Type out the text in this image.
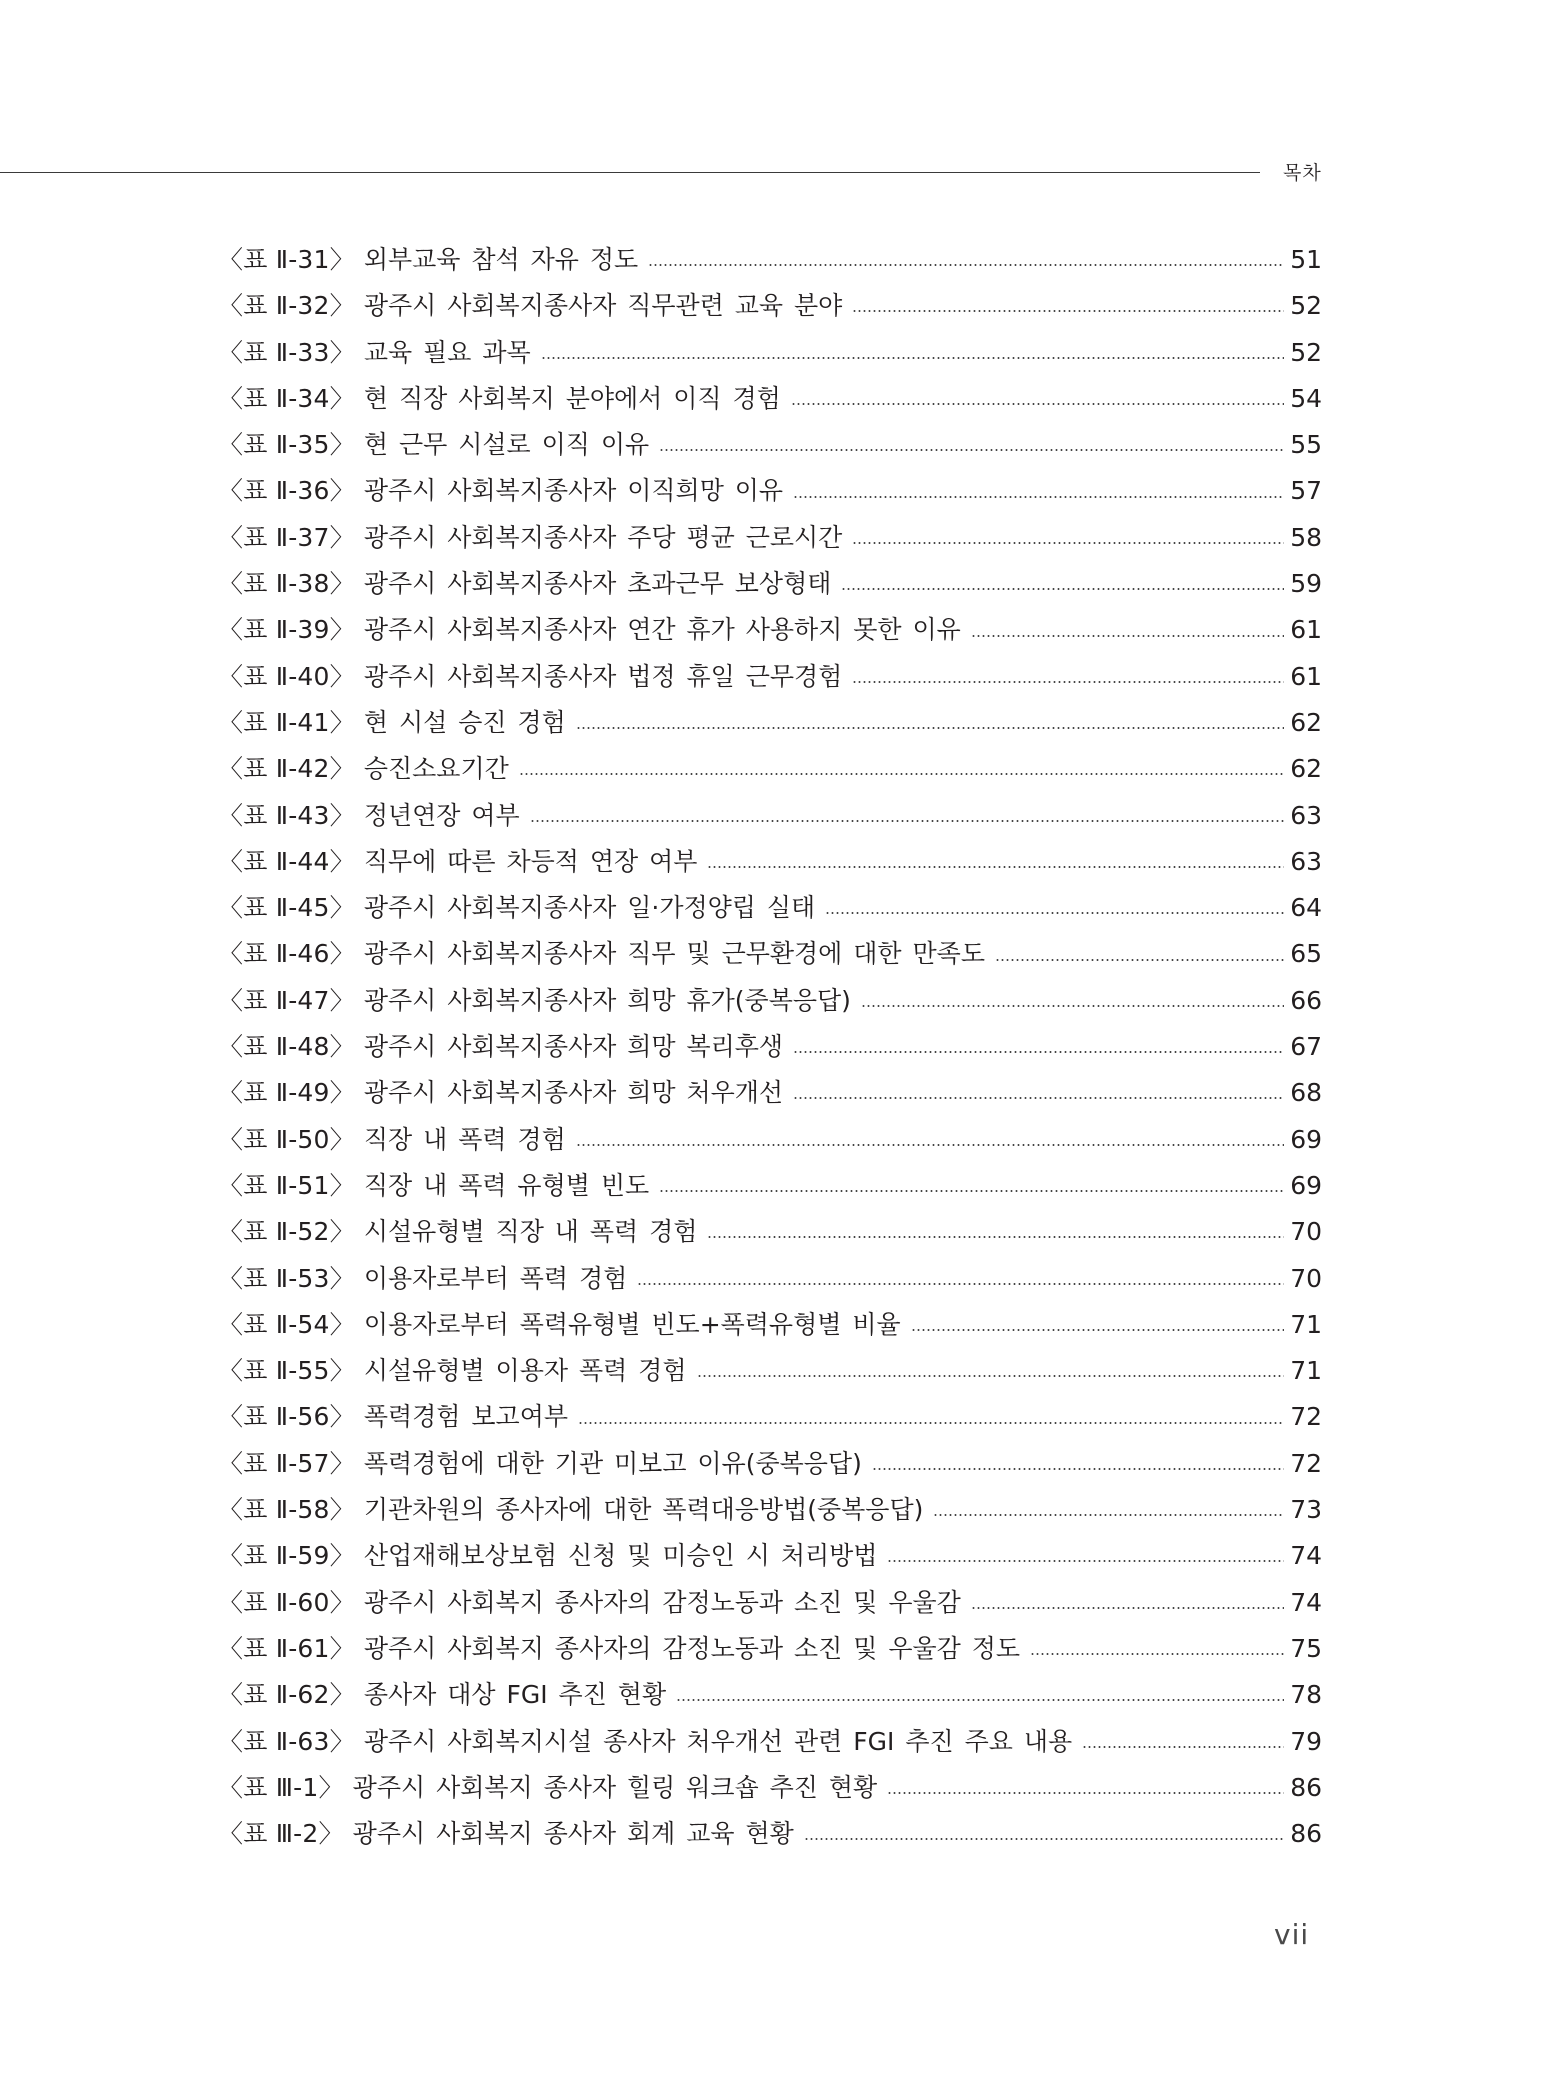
목차
〈표 Ⅱ-31〉 외부교육 참석 자유 정도	51
〈표 Ⅱ-32〉 광주시 사회복지종사자 직무관련 교육 분야	52
〈표 Ⅱ-33〉 교육 필요 과목	52
〈표 Ⅱ-34〉 현 직장 사회복지 분야에서 이직 경험	54
〈표 Ⅱ-35〉 현 근무 시설로 이직 이유	55
〈표 Ⅱ-36〉 광주시 사회복지종사자 이직희망 이유	57
〈표 Ⅱ-37〉 광주시 사회복지종사자 주당 평균 근로시간	58
〈표 Ⅱ-38〉 광주시 사회복지종사자 초과근무 보상형태	59
〈표 Ⅱ-39〉 광주시 사회복지종사자 연간 휴가 사용하지 못한 이유	61
〈표 Ⅱ-40〉 광주시 사회복지종사자 법정 휴일 근무경험	61
〈표 Ⅱ-41〉 현 시설 승진 경험	62
〈표 Ⅱ-42〉 승진소요기간	62
〈표 Ⅱ-43〉 정년연장 여부	63
〈표 Ⅱ-44〉 직무에 따른 차등적 연장 여부	63
〈표 Ⅱ-45〉 광주시 사회복지종사자 일·가정양립 실태	64
〈표 Ⅱ-46〉 광주시 사회복지종사자 직무 및 근무환경에 대한 만족도	65
〈표 Ⅱ-47〉 광주시 사회복지종사자 희망 휴가(중복응답)	66
〈표 Ⅱ-48〉 광주시 사회복지종사자 희망 복리후생	67
〈표 Ⅱ-49〉 광주시 사회복지종사자 희망 처우개선	68
〈표 Ⅱ-50〉 직장 내 폭력 경험	69
〈표 Ⅱ-51〉 직장 내 폭력 유형별 빈도	69
〈표 Ⅱ-52〉 시설유형별 직장 내 폭력 경험	70
〈표 Ⅱ-53〉 이용자로부터 폭력 경험	70
〈표 Ⅱ-54〉 이용자로부터 폭력유형별 빈도+폭력유형별 비율	71
〈표 Ⅱ-55〉 시설유형별 이용자 폭력 경험	71
〈표 Ⅱ-56〉 폭력경험 보고여부	72
〈표 Ⅱ-57〉 폭력경험에 대한 기관 미보고 이유(중복응답)	72
〈표 Ⅱ-58〉 기관차원의 종사자에 대한 폭력대응방법(중복응답)	73
〈표 Ⅱ-59〉 산업재해보상보험 신청 및 미승인 시 처리방법	74
〈표 Ⅱ-60〉 광주시 사회복지 종사자의 감정노동과 소진 및 우울감	74
〈표 Ⅱ-61〉 광주시 사회복지 종사자의 감정노동과 소진 및 우울감 정도	75
〈표 Ⅱ-62〉 종사자 대상 FGI 추진 현황	78
〈표 Ⅱ-63〉 광주시 사회복지시설 종사자 처우개선 관련 FGI 추진 주요 내용	79
〈표 Ⅲ-1〉 광주시 사회복지 종사자 힐링 워크숍 추진 현황	86
〈표 Ⅲ-2〉 광주시 사회복지 종사자 회계 교육 현황	86
vii
